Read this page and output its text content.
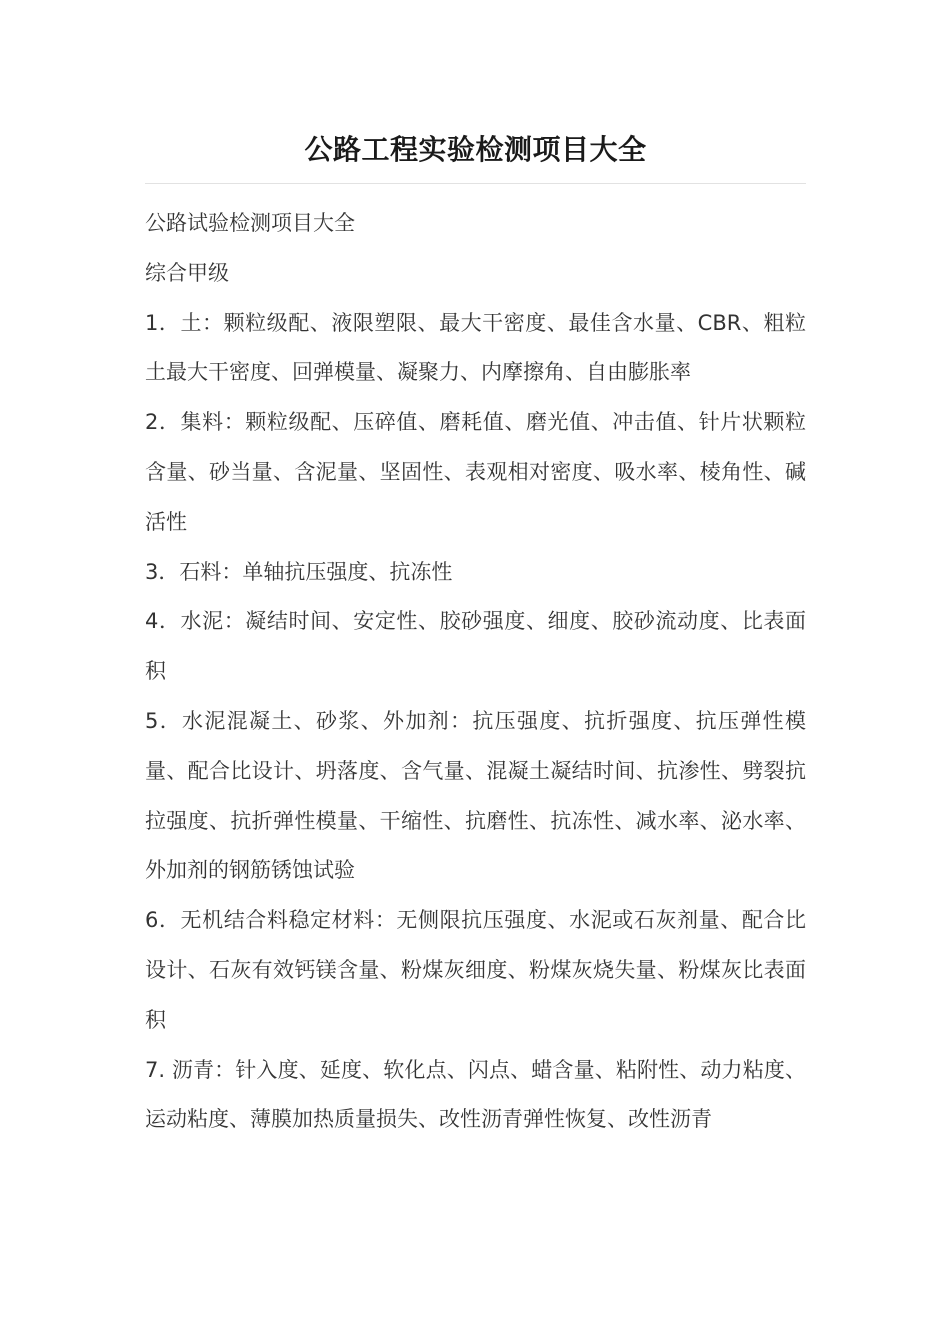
公路工程实验检测项目大全

公路试验检测项目大全

综合甲级

1．土：颗粒级配、液限塑限、最大干密度、最佳含水量、CBR、粗粒土最大干密度、回弹模量、凝聚力、内摩擦角、自由膨胀率

2．集料：颗粒级配、压碎值、磨耗值、磨光值、冲击值、针片状颗粒含量、砂当量、含泥量、坚固性、表观相对密度、吸水率、棱角性、碱活性

3．石料：单轴抗压强度、抗冻性

4．水泥：凝结时间、安定性、胶砂强度、细度、胶砂流动度、比表面积

5．水泥混凝土、砂浆、外加剂：抗压强度、抗折强度、抗压弹性模量、配合比设计、坍落度、含气量、混凝土凝结时间、抗渗性、劈裂抗拉强度、抗折弹性模量、干缩性、抗磨性、抗冻性、减水率、泌水率、外加剂的钢筋锈蚀试验

6．无机结合料稳定材料：无侧限抗压强度、水泥或石灰剂量、配合比设计、石灰有效钙镁含量、粉煤灰细度、粉煤灰烧失量、粉煤灰比表面积

7. 沥青：针入度、延度、软化点、闪点、蜡含量、粘附性、动力粘度、运动粘度、薄膜加热质量损失、改性沥青弹性恢复、改性沥青
